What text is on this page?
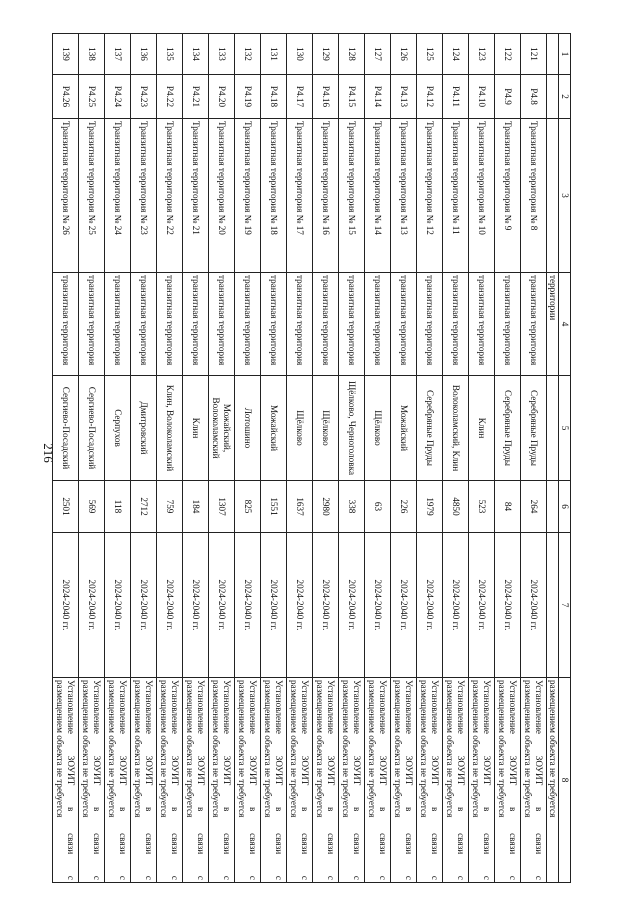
216
1	2	3	4	5	6	7	8
			территории				размещением объекта не требуется
121	Р4.8	Транзитная территория № 8	транзитная территория	Серебряные Пруды	264	2024-2040 гг.	Установление ЗОУИТ в связи с
размещением объекта не требуется

122	Р4.9	Транзитная территория № 9	транзитная территория	Серебряные Пруды	84	2024-2040 гг.	Установление ЗОУИТ в связи с
размещением объекта не требуется

123	Р4.10	Транзитная территория № 10	транзитная территория	Клин	523	2024-2040 гг.	Установление ЗОУИТ в связи с
размещением объекта не требуется

124	Р4.11	Транзитная территория № 11	транзитная территория	Волоколамский, Клин	4850	2024-2040 гг.	Установление ЗОУИТ в связи с
размещением объекта не требуется

125	Р4.12	Транзитная территория № 12	транзитная территория	Серебряные Пруды	1979	2024-2040 гг.	Установление ЗОУИТ в связи с
размещением объекта не требуется

126	Р4.13	Транзитная территория № 13	транзитная территория	Можайский	226	2024-2040 гг.	Установление ЗОУИТ в связи с
размещением объекта не требуется

127	Р4.14	Транзитная территория № 14	транзитная территория	Щёлково	63	2024-2040 гг.	Установление ЗОУИТ в связи с
размещением объекта не требуется

128	Р4.15	Транзитная территория № 15	транзитная территория	Щёлково, Черноголовка	338	2024-2040 гг.	Установление ЗОУИТ в связи с
размещением объекта не требуется

129	Р4.16	Транзитная территория № 16	транзитная территория	Щёлково	2980	2024-2040 гг.	Установление ЗОУИТ в связи с
размещением объекта не требуется

130	Р4.17	Транзитная территория № 17	транзитная территория	Щёлково	1637	2024-2040 гг.	Установление ЗОУИТ в связи с
размещением объекта не требуется

131	Р4.18	Транзитная территория № 18	транзитная территория	Можайский	1551	2024-2040 гг.	Установление ЗОУИТ в связи с
размещением объекта не требуется

132	Р4.19	Транзитная территория № 19	транзитная территория	Лотошино	825	2024-2040 гг.	Установление ЗОУИТ в связи с
размещением объекта не требуется

133	Р4.20	Транзитная территория № 20	транзитная территория	Можайский, Волоколамский	1307	2024-2040 гг.	Установление ЗОУИТ в связи с
размещением объекта не требуется

134	Р4.21	Транзитная территория № 21	транзитная территория	Клин	184	2024-2040 гг.	Установление ЗОУИТ в связи с
размещением объекта не требуется

135	Р4.22	Транзитная территория № 22	транзитная территория	Клин, Волоколамский	759	2024-2040 гг.	Установление ЗОУИТ в связи с
размещением объекта не требуется

136	Р4.23	Транзитная территория № 23	транзитная территория	Дмитровский	2712	2024-2040 гг.	Установление ЗОУИТ в связи с
размещением объекта не требуется

137	Р4.24	Транзитная территория № 24	транзитная территория	Серпухов	118	2024-2040 гг.	Установление ЗОУИТ в связи с
размещением объекта не требуется

138	Р4.25	Транзитная территория № 25	транзитная территория	Сергиево-Посадский	569	2024-2040 гг.	Установление ЗОУИТ в связи с
размещением объекта не требуется

139	Р4.26	Транзитная территория № 26	транзитная территория	Сергиево-Посадский	2501	2024-2040 гг.	Установление ЗОУИТ в связи с
размещением объекта не требуется
